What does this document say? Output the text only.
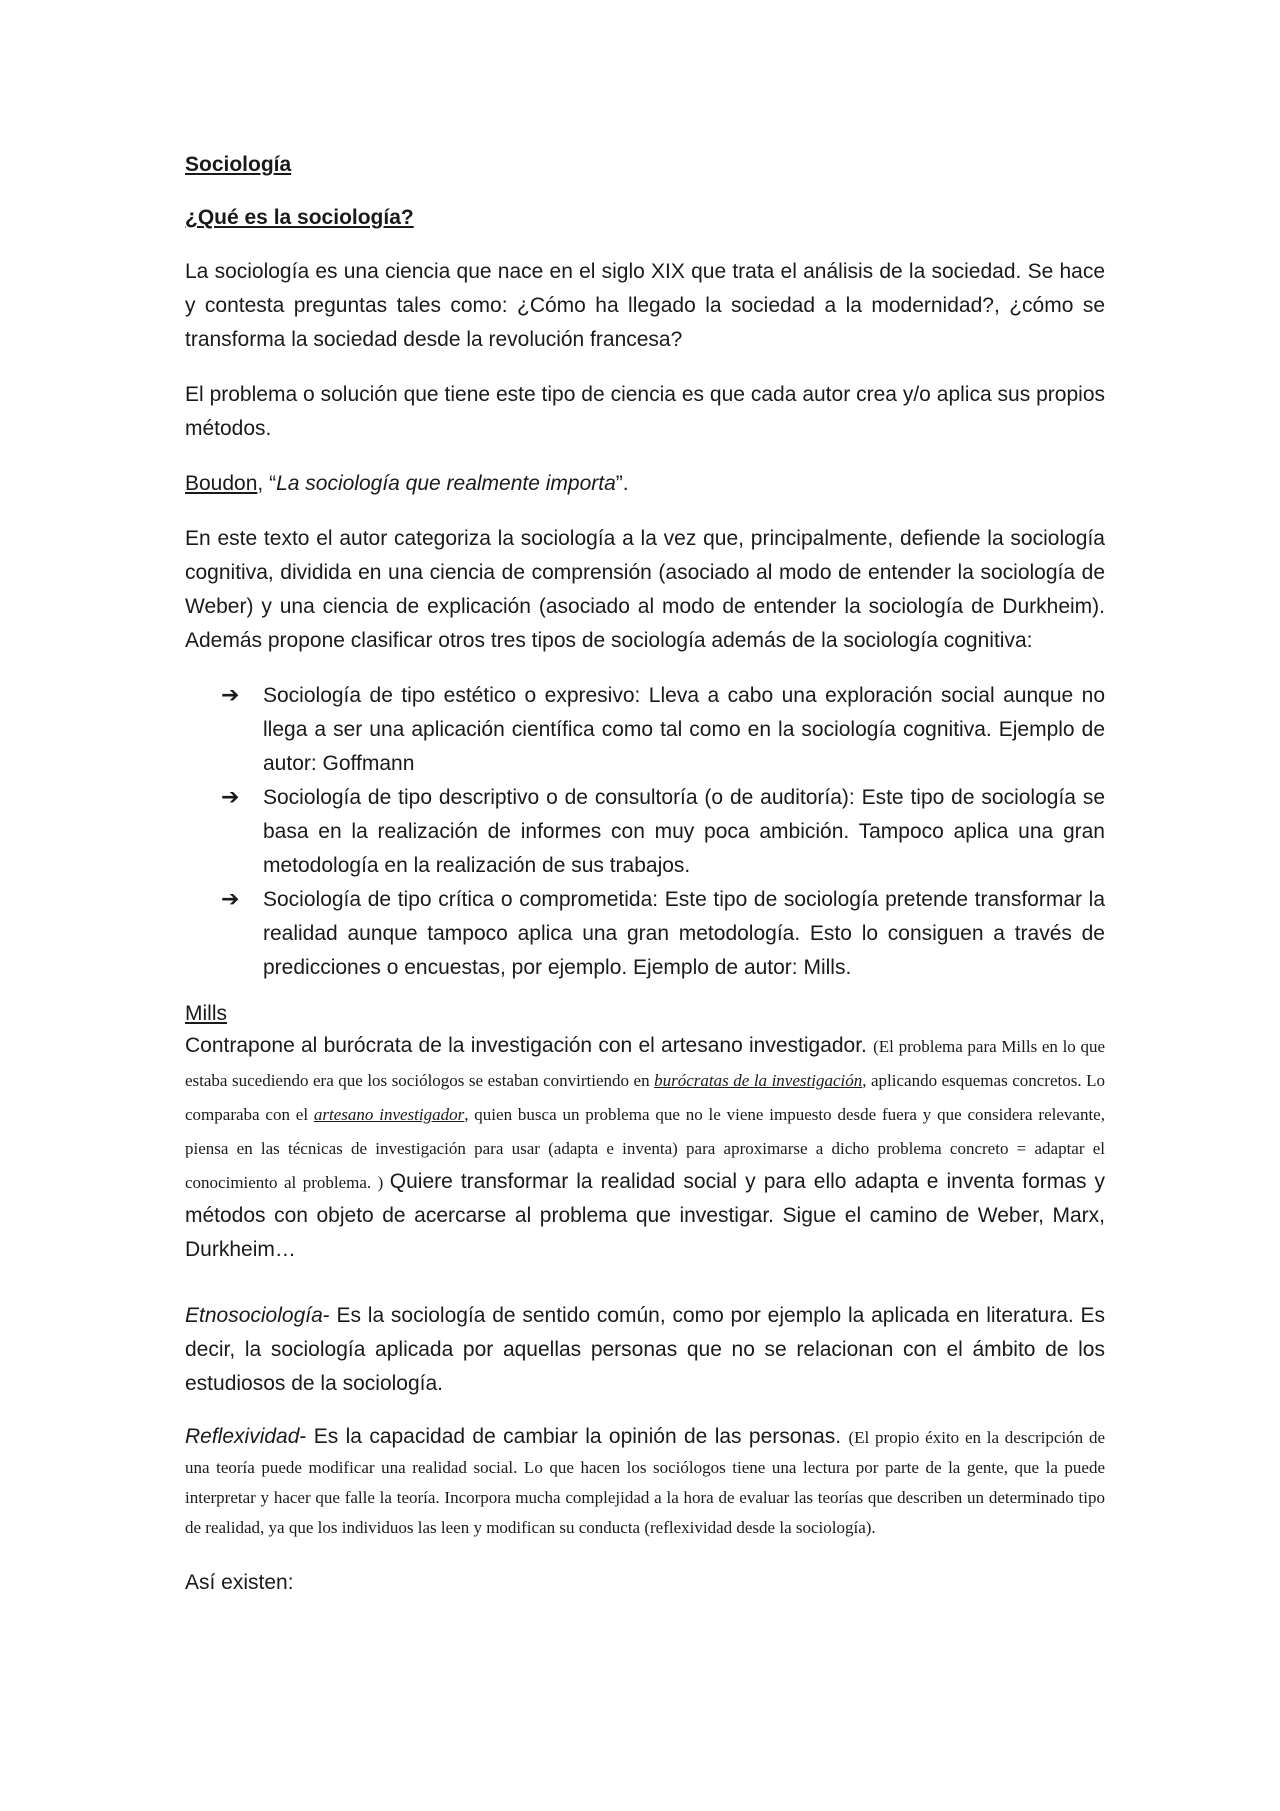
Sociología

¿Qué es la sociología?

La sociología es una ciencia que nace en el siglo XIX que trata el análisis de la sociedad. Se hace y contesta preguntas tales como: ¿Cómo ha llegado la sociedad a la modernidad?, ¿cómo se transforma la sociedad desde la revolución francesa?

El problema o solución que tiene este tipo de ciencia es que cada autor crea y/o aplica sus propios métodos.

Boudon, “La sociología que realmente importa”.

En este texto el autor categoriza la sociología a la vez que, principalmente, defiende la sociología cognitiva, dividida en una ciencia de comprensión (asociado al modo de entender la sociología de Weber) y una ciencia de explicación (asociado al modo de entender la sociología de Durkheim). Además propone clasificar otros tres tipos de sociología además de la sociología cognitiva:

➔ Sociología de tipo estético o expresivo: Lleva a cabo una exploración social aunque no llega a ser una aplicación científica como tal como en la sociología cognitiva. Ejemplo de autor: Goffmann
➔ Sociología de tipo descriptivo o de consultoría (o de auditoría): Este tipo de sociología se basa en la realización de informes con muy poca ambición. Tampoco aplica una gran metodología en la realización de sus trabajos.
➔ Sociología de tipo crítica o comprometida: Este tipo de sociología pretende transformar la realidad aunque tampoco aplica una gran metodología. Esto lo consiguen a través de predicciones o encuestas, por ejemplo. Ejemplo de autor: Mills.

Mills

Contrapone al burócrata de la investigación con el artesano investigador. (El problema para Mills en lo que estaba sucediendo era que los sociólogos se estaban convirtiendo en burócratas de la investigación, aplicando esquemas concretos. Lo comparaba con el artesano investigador, quien busca un problema que no le viene impuesto desde fuera y que considera relevante, piensa en las técnicas de investigación para usar (adapta e inventa) para aproximarse a dicho problema concreto = adaptar el conocimiento al problema. ) Quiere transformar la realidad social y para ello adapta e inventa formas y métodos con objeto de acercarse al problema que investigar. Sigue el camino de Weber, Marx, Durkheim…

Etnosociología- Es la sociología de sentido común, como por ejemplo la aplicada en literatura. Es decir, la sociología aplicada por aquellas personas que no se relacionan con el ámbito de los estudiosos de la sociología.

Reflexividad- Es la capacidad de cambiar la opinión de las personas. (El propio éxito en la descripción de una teoría puede modificar una realidad social. Lo que hacen los sociólogos tiene una lectura por parte de la gente, que la puede interpretar y hacer que falle la teoría. Incorpora mucha complejidad a la hora de evaluar las teorías que describen un determinado tipo de realidad, ya que los individuos las leen y modifican su conducta (reflexividad desde la sociología).

Así existen:
